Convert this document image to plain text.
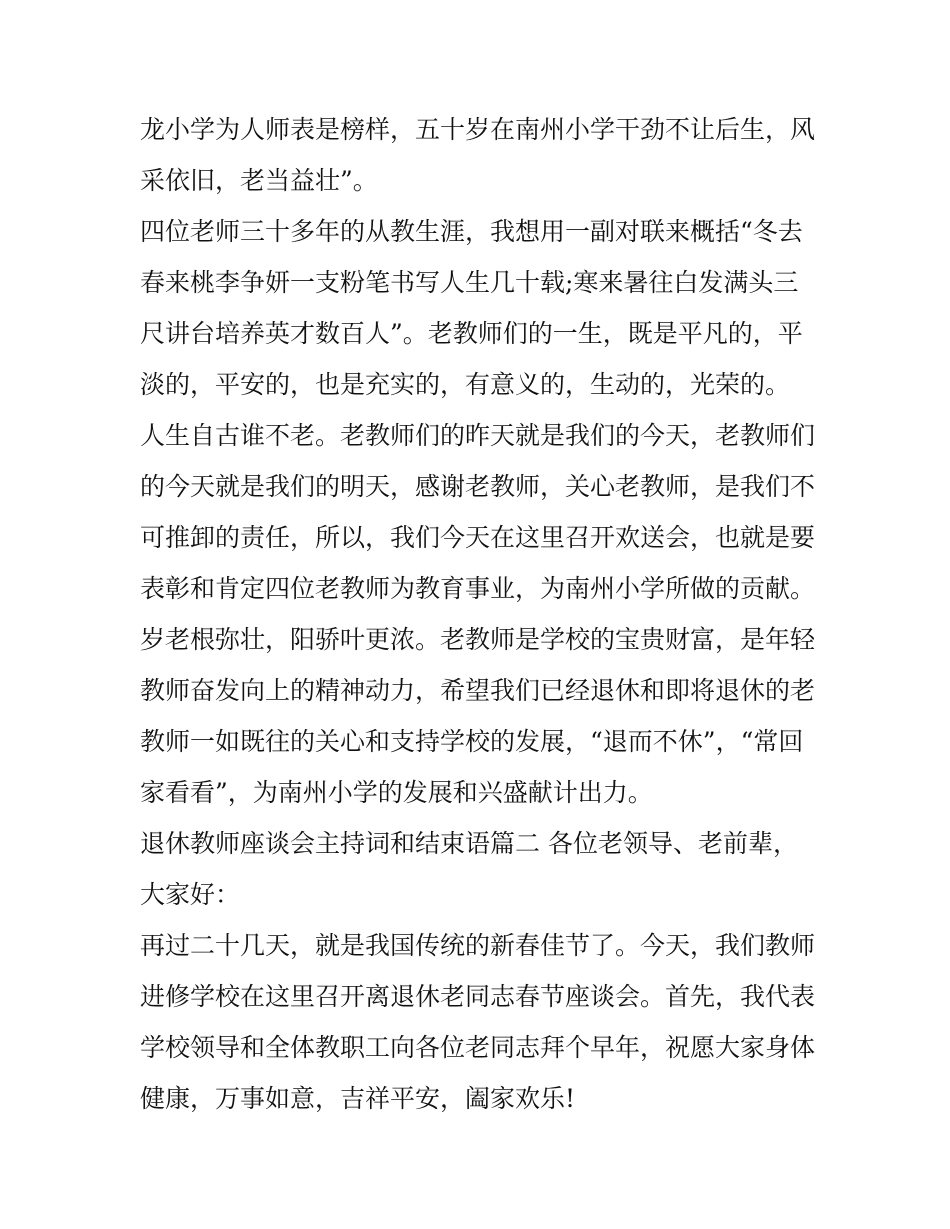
龙小学为人师表是榜样，五十岁在南州小学干劲不让后生，风
采依旧，老当益壮”。
四位老师三十多年的从教生涯，我想用一副对联来概括“冬去
春来桃李争妍一支粉笔书写人生几十载;寒来暑往白发满头三
尺讲台培养英才数百人”。老教师们的一生，既是平凡的，平
淡的，平安的，也是充实的，有意义的，生动的，光荣的。
人生自古谁不老。老教师们的昨天就是我们的今天，老教师们
的今天就是我们的明天，感谢老教师，关心老教师，是我们不
可推卸的责任，所以，我们今天在这里召开欢送会，也就是要
表彰和肯定四位老教师为教育事业，为南州小学所做的贡献。
岁老根弥壮，阳骄叶更浓。老教师是学校的宝贵财富，是年轻
教师奋发向上的精神动力，希望我们已经退休和即将退休的老
教师一如既往的关心和支持学校的发展，“退而不休”，“常回
家看看”，为南州小学的发展和兴盛献计出力。
退休教师座谈会主持词和结束语篇二 各位老领导、老前辈，
大家好：
再过二十几天，就是我国传统的新春佳节了。今天，我们教师
进修学校在这里召开离退休老同志春节座谈会。首先，我代表
学校领导和全体教职工向各位老同志拜个早年，祝愿大家身体
健康，万事如意，吉祥平安，阖家欢乐!
